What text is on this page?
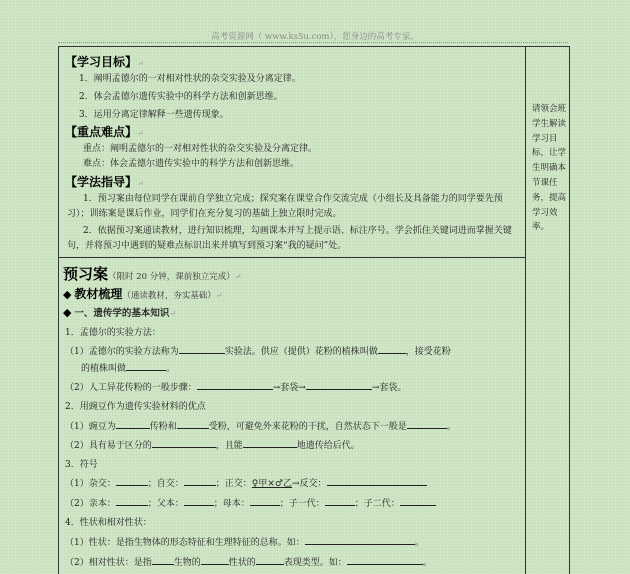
高考资源网（ www.ks5u.com），您身边的高考专家。
【学习目标】↵
1．阐明孟德尔的一对相对性状的杂交实验及分离定律。
2．体会孟德尔遗传实验中的科学方法和创新思维。
3．运用分离定律解释一些遗传现象。
【重点难点】↵
重点：阐明孟德尔的一对相对性状的杂交实验及分离定律。
难点：体会孟德尔遗传实验中的科学方法和创新思维。
【学法指导】↵
1．预习案由每位同学在课前自学独立完成；探究案在课堂合作交流完成（小组长及具备能力的同学要先预习）；训练案是课后作业，同学们在充分复习的基础上独立限时完成。
2．依据预习案通读教材，进行知识梳理，勾画课本并写上提示语、标注序号。学会抓住关键词进而掌握关键句，并将预习中遇到的疑难点标识出来并填写到预习案“我的疑问”处。
预习案（限时 20 分钟，课前独立完成）↵
◆ 教材梳理（通读教材，夯实基础）↵
◆ 一、遗传学的基本知识↵
1．孟德尔的实验方法：
（1）孟德尔的实验方法称为	实验法。供应（提供）花粉的植株叫做	，接受花粉
的植株叫做	。
（2）人工异花传粉的一般步骤：	→套袋→	→套袋。
2．用豌豆作为遗传实验材料的优点
（1）豌豆为	传粉和	受粉，可避免外来花粉的干扰，自然状态下一般是	。
（2）具有易于区分的	，且能	地遗传给后代。
3．符号
（1）杂交：	；自交：	；正交：♀甲×♂乙→反交：
（2）亲本：	；父本：	；母本：	；子一代：	；子二代：
4．性状和相对性状：
（1）性状：是指生物体的形态特征和生理特征的总称。如：	。
（2）相对性状：是指 生物的	性状的	表现类型。如：	。
请领会班学生解读学习目标，让学生明确本节课任务，提高学习效率。
